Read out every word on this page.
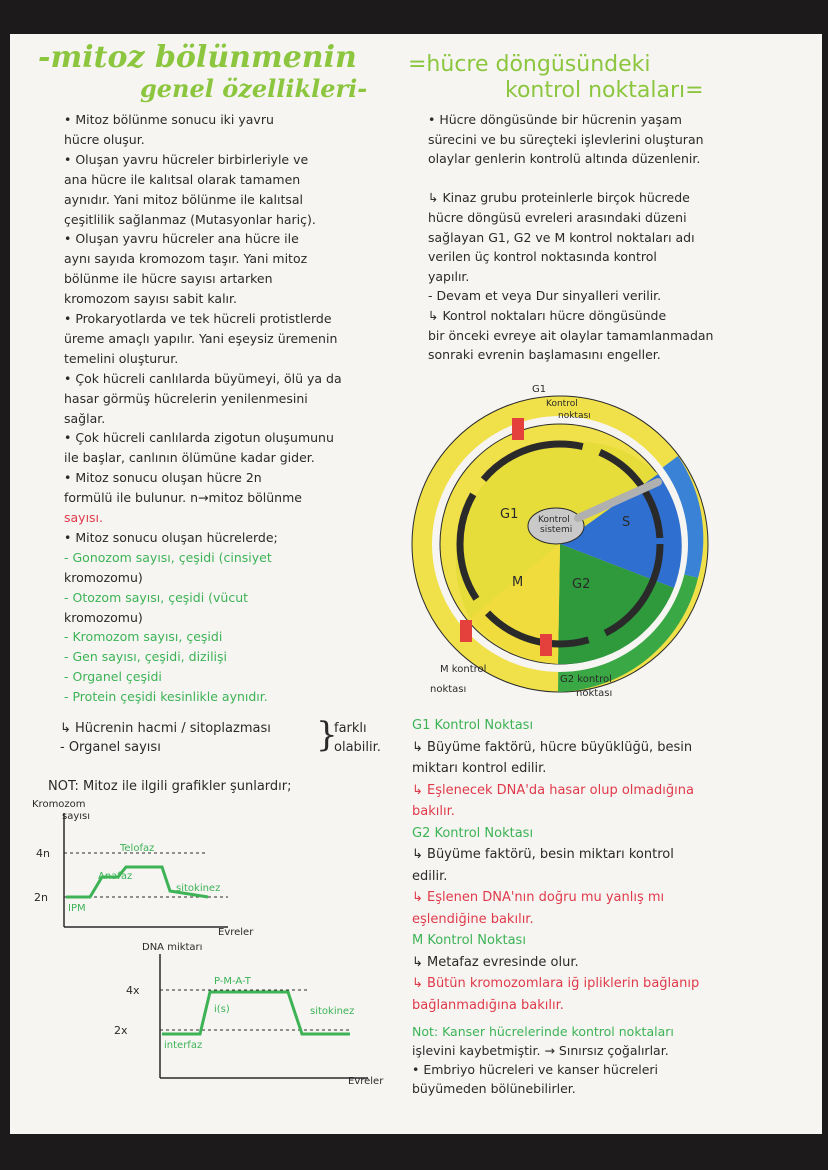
-mitoz bölünmenin
genel özellikleri-
=hücre döngüsündeki
kontrol noktaları=
• Mitoz bölünme sonucu iki yavru
hücre oluşur.
• Oluşan yavru hücreler birbirleriyle ve
ana hücre ile kalıtsal olarak tamamen
aynıdır. Yani mitoz bölünme ile kalıtsal
çeşitlilik sağlanmaz (Mutasyonlar hariç).
• Oluşan yavru hücreler ana hücre ile
aynı sayıda kromozom taşır. Yani mitoz
bölünme ile hücre sayısı artarken
kromozom sayısı sabit kalır.
• Prokaryotlarda ve tek hücreli protistlerde
üreme amaçlı yapılır. Yani eşeysiz üremenin
temelini oluşturur.
• Çok hücreli canlılarda büyümeyi, ölü ya da
hasar görmüş hücrelerin yenilenmesini
sağlar.
• Çok hücreli canlılarda zigotun oluşumunu
ile başlar, canlının ölümüne kadar gider.
• Mitoz sonucu oluşan hücre 2n
formülü ile bulunur. n→mitoz bölünme
sayısı.
• Mitoz sonucu oluşan hücrelerde;
- Gonozom sayısı, çeşidi (cinsiyet
kromozomu)
- Otozom sayısı, çeşidi (vücut
kromozomu)
- Kromozom sayısı, çeşidi
- Gen sayısı, çeşidi, dizilişi
- Organel çeşidi
- Protein çeşidi kesinlikle aynıdır.
↳ Hücrenin hacmi / sitoplazması
- Organel sayısı	}
farklı
olabilir.
NOT: Mitoz ile ilgili grafikler şunlardır;
Kromozom
sayısı
4n
2n
Telofaz
Anafaz
sitokinez
IPM
Evreler
DNA miktarı
4x
2x
P-M-A-T
i(s)	sitokinez
interfaz
Evreler
• Hücre döngüsünde bir hücrenin yaşam
sürecini ve bu süreçteki işlevlerini oluşturan
olaylar genlerin kontrolü altında düzenlenir.
↳ Kinaz grubu proteinlerle birçok hücrede
hücre döngüsü evreleri arasındaki düzeni
sağlayan G1, G2 ve M kontrol noktaları adı
verilen üç kontrol noktasında kontrol
yapılır.
- Devam et veya Dur sinyalleri verilir.
↳ Kontrol noktaları hücre döngüsünde
bir önceki evreye ait olaylar tamamlanmadan
sonraki evrenin başlamasını engeller.
Kontrol
sistemi
G1
S
G2
M
G1
Kontrol
noktası
M kontrol
noktası
G2 kontrol
noktası
G1 Kontrol Noktası
↳ Büyüme faktörü, hücre büyüklüğü, besin
miktarı kontrol edilir.
↳ Eşlenecek DNA'da hasar olup olmadığına
bakılır.
G2 Kontrol Noktası
↳ Büyüme faktörü, besin miktarı kontrol
edilir.
↳ Eşlenen DNA'nın doğru mu yanlış mı
eşlendiğine bakılır.
M Kontrol Noktası
↳ Metafaz evresinde olur.
↳ Bütün kromozomlara iğ ipliklerin bağlanıp
bağlanmadığına bakılır.
Not: Kanser hücrelerinde kontrol noktaları
işlevini kaybetmiştir. → Sınırsız çoğalırlar.
• Embriyo hücreleri ve kanser hücreleri
büyümeden bölünebilirler.
